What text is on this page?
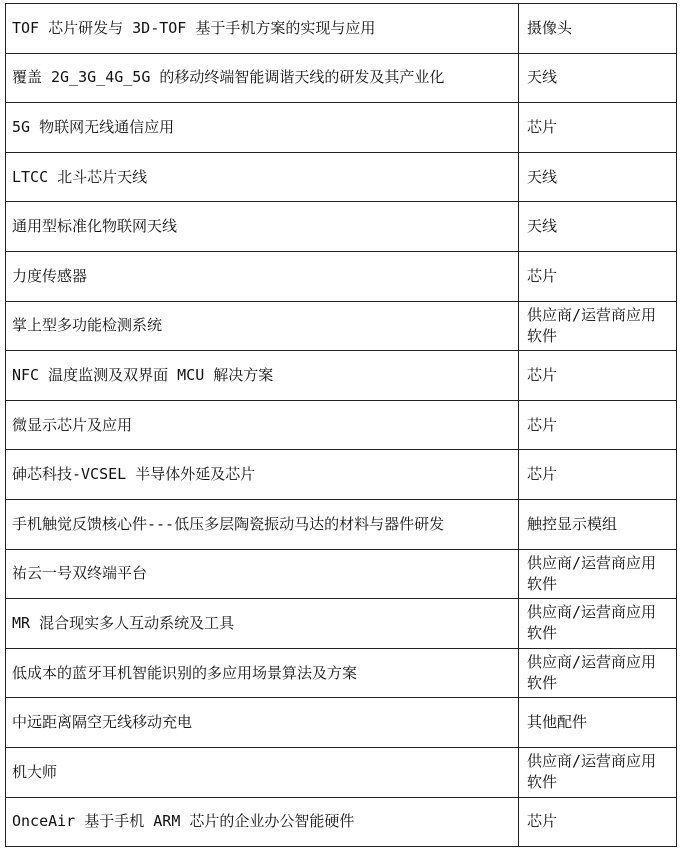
TOF 芯片研发与 3D-TOF 基于手机方案的实现与应用	摄像头
覆盖 2G_3G_4G_5G 的移动终端智能调谐天线的研发及其产业化	天线
5G 物联网无线通信应用	芯片
LTCC 北斗芯片天线	天线
通用型标准化物联网天线	天线
力度传感器	芯片
掌上型多功能检测系统	供应商/运营商应用软件
NFC 温度监测及双界面 MCU 解决方案	芯片
微显示芯片及应用	芯片
砷芯科技-VCSEL 半导体外延及芯片	芯片
手机触觉反馈核心件---低压多层陶瓷振动马达的材料与器件研发	触控显示模组
祐云一号双终端平台	供应商/运营商应用软件
MR 混合现实多人互动系统及工具	供应商/运营商应用软件
低成本的蓝牙耳机智能识别的多应用场景算法及方案	供应商/运营商应用软件
中远距离隔空无线移动充电	其他配件
机大师	供应商/运营商应用软件
OnceAir 基于手机 ARM 芯片的企业办公智能硬件	芯片
